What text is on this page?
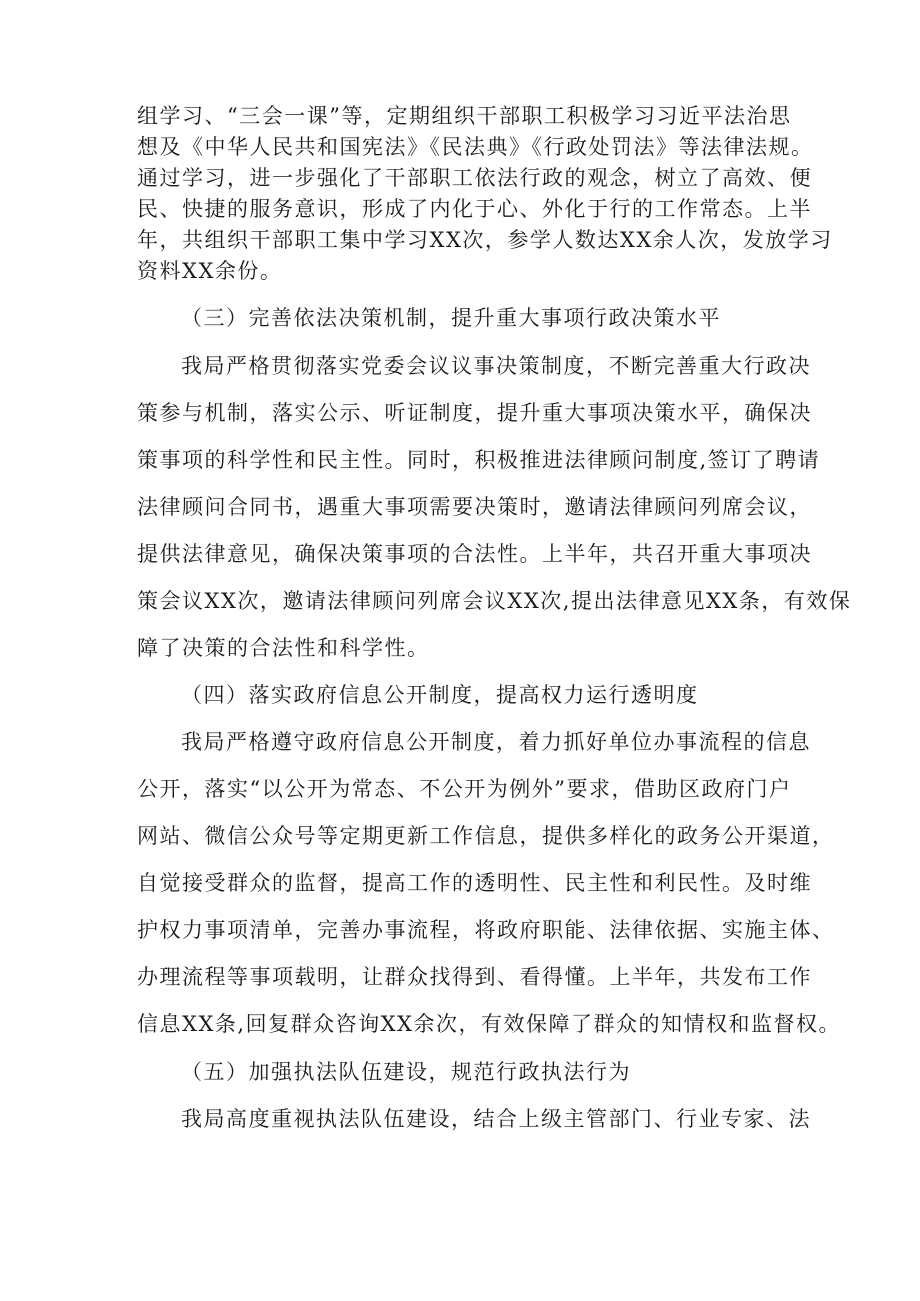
组学习、“三会一课”等，定期组织干部职工积极学习习近平法治思
想及《中华人民共和国宪法》《民法典》《行政处罚法》等法律法规。
通过学习，进一步强化了干部职工依法行政的观念，树立了高效、便
民、快捷的服务意识，形成了内化于心、外化于行的工作常态。上半
年，共组织干部职工集中学习XX次，参学人数达XX余人次，发放学习
资料XX余份。
（三）完善依法决策机制，提升重大事项行政决策水平
我局严格贯彻落实党委会议议事决策制度，不断完善重大行政决
策参与机制，落实公示、听证制度，提升重大事项决策水平，确保决
策事项的科学性和民主性。同时，积极推进法律顾问制度,签订了聘请
法律顾问合同书，遇重大事项需要决策时，邀请法律顾问列席会议，
提供法律意见，确保决策事项的合法性。上半年，共召开重大事项决
策会议XX次，邀请法律顾问列席会议XX次,提出法律意见XX条，有效保
障了决策的合法性和科学性。
（四）落实政府信息公开制度，提高权力运行透明度
我局严格遵守政府信息公开制度，着力抓好单位办事流程的信息
公开，落实“以公开为常态、不公开为例外”要求，借助区政府门户
网站、微信公众号等定期更新工作信息，提供多样化的政务公开渠道，
自觉接受群众的监督，提高工作的透明性、民主性和利民性。及时维
护权力事项清单，完善办事流程，将政府职能、法律依据、实施主体、
办理流程等事项载明，让群众找得到、看得懂。上半年，共发布工作
信息XX条,回复群众咨询XX余次，有效保障了群众的知情权和监督权。
（五）加强执法队伍建设，规范行政执法行为
我局高度重视执法队伍建设，结合上级主管部门、行业专家、法
